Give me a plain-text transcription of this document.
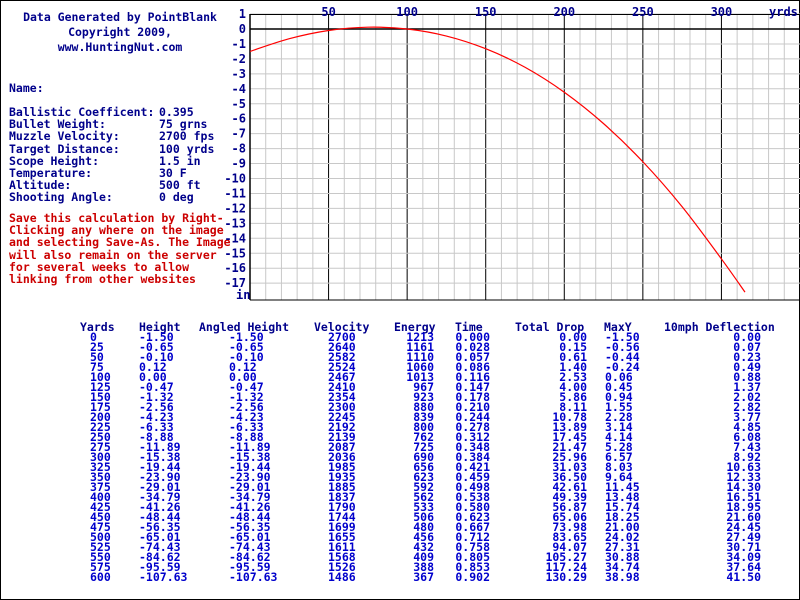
Data Generated by PointBlank
Copyright 2009,
www.HuntingNut.com
Name:
Ballistic Coefficent: 0.395
Bullet Weight:	75 grns
Muzzle Velocity:	2700 fps
Target Distance:	100 yrds
Scope Height:	1.5 in
Temperature:	30 F
Altitude:	500 ft
Shooting Angle:	0 deg
Save this calculation by Right-Clicking any where on the image and selecting Save-As. The Image will also remain on the server for several weeks to allow linking from other websites
50	100	150	200	250	300
1
0
-1
-2
-3
-4
-5
-6
-7
-8
-9
-10
-11
-12
-13
-14
-15
-16
-17
yrds
in
Yards Height Angled Height Velocity Energy Time	Total Drop MaxY	10mph Deflection
0	-1.50	-1.50	2700	1213 0.000	0.00 -1.50	0.00
25	-0.65	-0.65	2640	1161 0.028	0.15 -0.56	0.07
50	-0.10	-0.10	2582	1110 0.057	0.61 -0.44	0.23
75	0.12	0.12	2524	1060 0.086	1.40 -0.24	0.49
100 0.00	0.00	2467	1013 0.116	2.53 0.06	0.88
125 -0.47	-0.47	2410	967 0.147	4.00 0.45	1.37
150 -1.32	-1.32	2354	923 0.178	5.86 0.94	2.02
175 -2.56	-2.56	2300	880 0.210	8.11 1.55	2.82
200 -4.23	-4.23	2245	839 0.244	10.78 2.28	3.77
225 -6.33	-6.33	2192	800 0.278	13.89 3.14	4.85
250 -8.88	-8.88	2139	762 0.312	17.45 4.14	6.08
275 -11.89	-11.89	2087	725 0.348	21.47 5.28	7.43
300 -15.38	-15.38	2036	690 0.384	25.96 6.57	8.92
325 -19.44	-19.44	1985	656 0.421	31.03 8.03	10.63
350 -23.90	-23.90	1935	623 0.459	36.50 9.64	12.33
375 -29.01	-29.01	1885	592 0.498	42.61 11.45	14.30
400 -34.79	-34.79	1837	562 0.538	49.39 13.48	16.51
425 -41.26	-41.26	1790	533 0.580	56.87 15.74	18.95
450 -48.44	-48.44	1744	506 0.623	65.06 18.25	21.60
475 -56.35	-56.35	1699	480 0.667	73.98 21.00	24.45
500 -65.01	-65.01	1655	456 0.712	83.65 24.02	27.49
525 -74.43	-74.43	1611	432 0.758	94.07 27.31	30.71
550 -84.62	-84.62	1568	409 0.805	105.27 30.88	34.09
575 -95.59	-95.59	1526	388 0.853	117.24 34.74	37.64
600 -107.63	-107.63	1486	367 0.902	130.29 38.98	41.50
